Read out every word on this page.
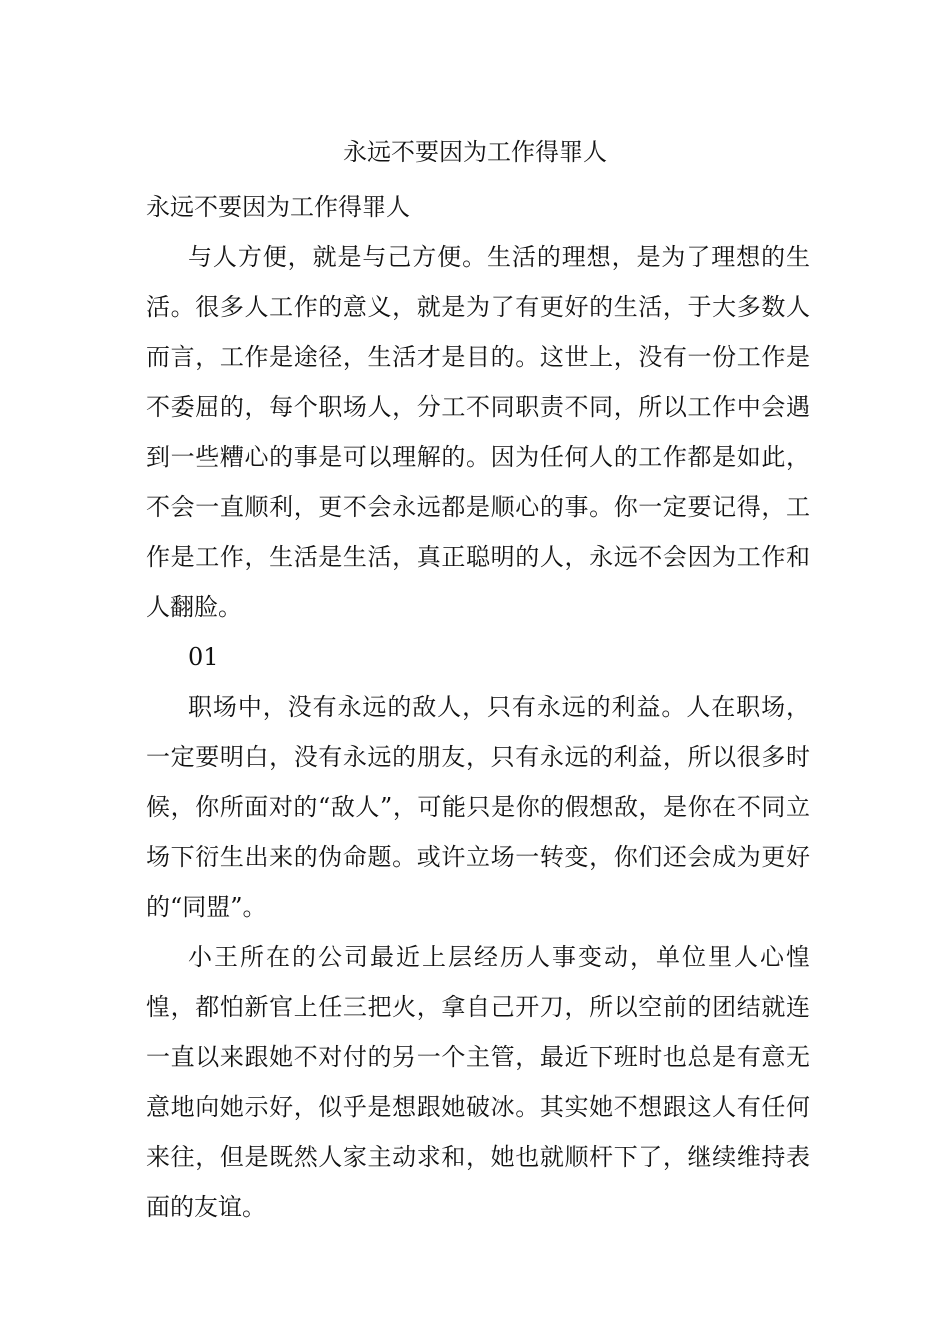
永远不要因为工作得罪人

永远不要因为工作得罪人

与人方便，就是与己方便。生活的理想，是为了理想的生活。很多人工作的意义，就是为了有更好的生活，于大多数人而言，工作是途径，生活才是目的。这世上，没有一份工作是不委屈的，每个职场人，分工不同职责不同，所以工作中会遇到一些糟心的事是可以理解的。因为任何人的工作都是如此，不会一直顺利，更不会永远都是顺心的事。你一定要记得，工作是工作，生活是生活，真正聪明的人，永远不会因为工作和人翻脸。

01

职场中，没有永远的敌人，只有永远的利益。人在职场，一定要明白，没有永远的朋友，只有永远的利益，所以很多时候，你所面对的“敌人”，可能只是你的假想敌，是你在不同立场下衍生出来的伪命题。或许立场一转变，你们还会成为更好的“同盟”。

小王所在的公司最近上层经历人事变动，单位里人心惶惶，都怕新官上任三把火，拿自己开刀，所以空前的团结就连一直以来跟她不对付的另一个主管，最近下班时也总是有意无意地向她示好，似乎是想跟她破冰。其实她不想跟这人有任何来往，但是既然人家主动求和，她也就顺杆下了，继续维持表面的友谊。
